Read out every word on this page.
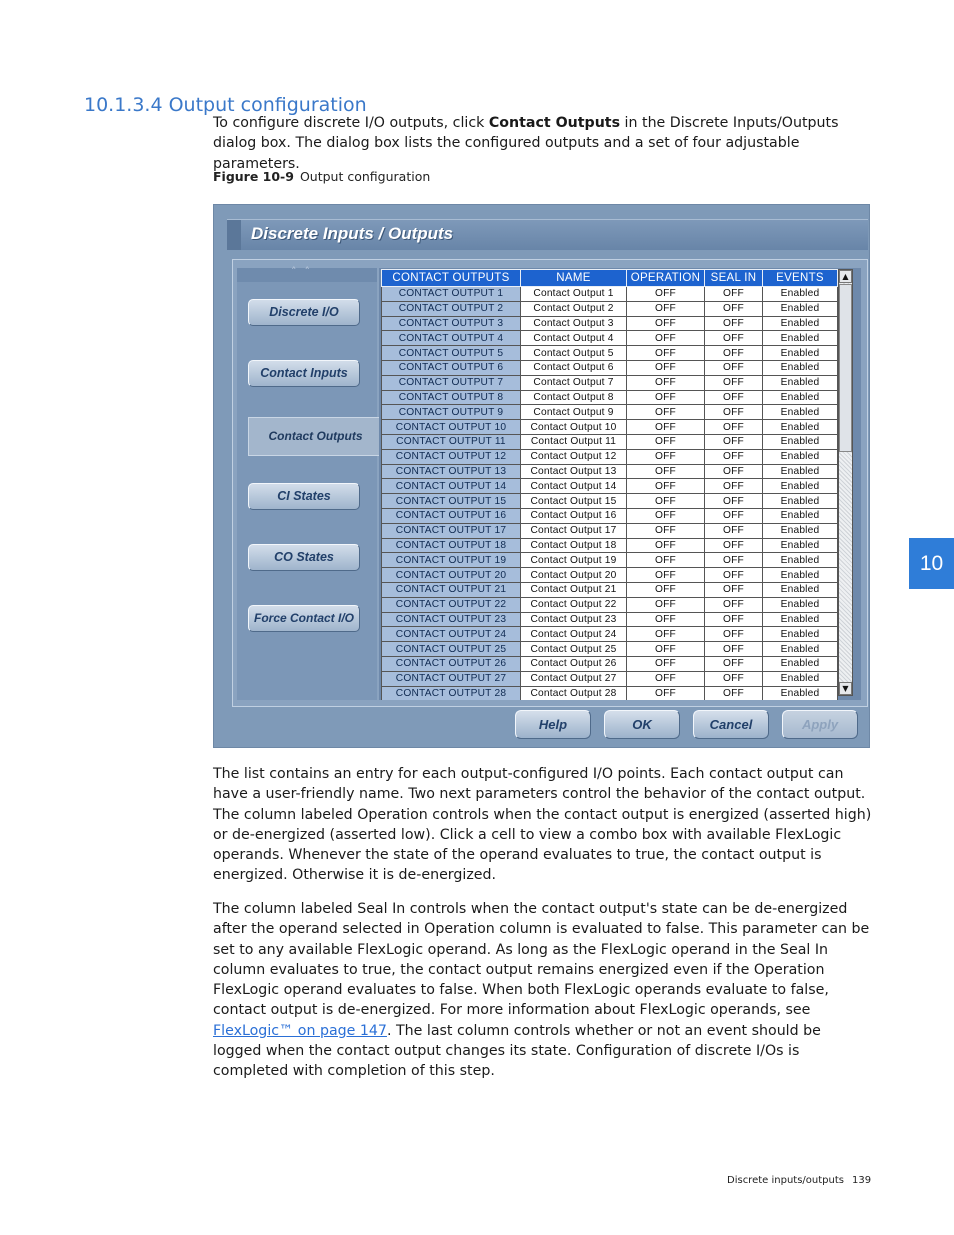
10.1.3.4 Output configuration
To configure discrete I/O outputs, click Contact Outputs in the Discrete Inputs/Outputs dialog box. The dialog box lists the configured outputs and a set of four adjustable parameters.
Figure 10-9 Output configuration
Discrete Inputs / Outputs
˄˄
Discrete I/O
Contact Inputs
Contact Outputs
CI States
CO States
Force Contact I/O
CONTACT OUTPUTS	NAME	OPERATION	SEAL IN	EVENTS
CONTACT OUTPUT 1	Contact Output 1	OFF	OFF	Enabled
CONTACT OUTPUT 2	Contact Output 2	OFF	OFF	Enabled
CONTACT OUTPUT 3	Contact Output 3	OFF	OFF	Enabled
CONTACT OUTPUT 4	Contact Output 4	OFF	OFF	Enabled
CONTACT OUTPUT 5	Contact Output 5	OFF	OFF	Enabled
CONTACT OUTPUT 6	Contact Output 6	OFF	OFF	Enabled
CONTACT OUTPUT 7	Contact Output 7	OFF	OFF	Enabled
CONTACT OUTPUT 8	Contact Output 8	OFF	OFF	Enabled
CONTACT OUTPUT 9	Contact Output 9	OFF	OFF	Enabled
CONTACT OUTPUT 10	Contact Output 10	OFF	OFF	Enabled
CONTACT OUTPUT 11	Contact Output 11	OFF	OFF	Enabled
CONTACT OUTPUT 12	Contact Output 12	OFF	OFF	Enabled
CONTACT OUTPUT 13	Contact Output 13	OFF	OFF	Enabled
CONTACT OUTPUT 14	Contact Output 14	OFF	OFF	Enabled
CONTACT OUTPUT 15	Contact Output 15	OFF	OFF	Enabled
CONTACT OUTPUT 16	Contact Output 16	OFF	OFF	Enabled
CONTACT OUTPUT 17	Contact Output 17	OFF	OFF	Enabled
CONTACT OUTPUT 18	Contact Output 18	OFF	OFF	Enabled
CONTACT OUTPUT 19	Contact Output 19	OFF	OFF	Enabled
CONTACT OUTPUT 20	Contact Output 20	OFF	OFF	Enabled
CONTACT OUTPUT 21	Contact Output 21	OFF	OFF	Enabled
CONTACT OUTPUT 22	Contact Output 22	OFF	OFF	Enabled
CONTACT OUTPUT 23	Contact Output 23	OFF	OFF	Enabled
CONTACT OUTPUT 24	Contact Output 24	OFF	OFF	Enabled
CONTACT OUTPUT 25	Contact Output 25	OFF	OFF	Enabled
CONTACT OUTPUT 26	Contact Output 26	OFF	OFF	Enabled
CONTACT OUTPUT 27	Contact Output 27	OFF	OFF	Enabled
CONTACT OUTPUT 28	Contact Output 28	OFF	OFF	Enabled
▲
▼
Help	OK	Cancel	Apply
The list contains an entry for each output-configured I/O points. Each contact output can have a user-friendly name. Two next parameters control the behavior of the contact output. The column labeled Operation controls when the contact output is energized (asserted high) or de-energized (asserted low). Click a cell to view a combo box with available FlexLogic operands. Whenever the state of the operand evaluates to true, the contact output is energized. Otherwise it is de-energized.
The column labeled Seal In controls when the contact output's state can be de-energized after the operand selected in Operation column is evaluated to false. This parameter can be set to any available FlexLogic operand. As long as the FlexLogic operand in the Seal In column evaluates to true, the contact output remains energized even if the Operation FlexLogic operand evaluates to false. When both FlexLogic operands evaluate to false, contact output is de-energized. For more information about FlexLogic operands, see FlexLogic™ on page 147. The last column controls whether or not an event should be logged when the contact output changes its state. Configuration of discrete I/Os is completed with completion of this step.
10
Discrete inputs/outputs 139
